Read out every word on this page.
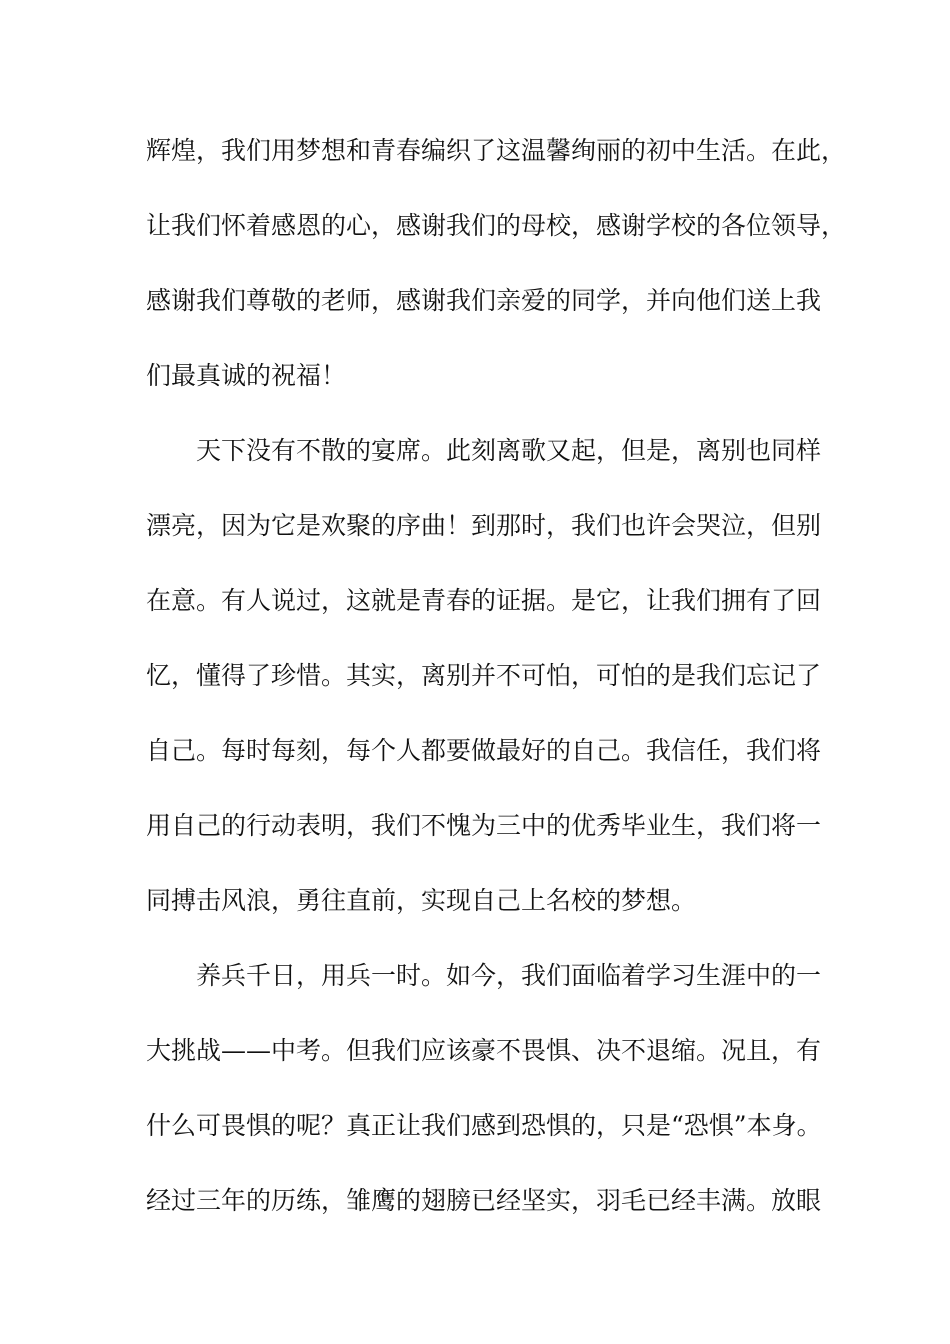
辉煌，我们用梦想和青春编织了这温馨绚丽的初中生活。在此，
让我们怀着感恩的心，感谢我们的母校，感谢学校的各位领导，
感谢我们尊敬的老师，感谢我们亲爱的同学，并向他们送上我
们最真诚的祝福！
　　天下没有不散的宴席。此刻离歌又起，但是，离别也同样
漂亮，因为它是欢聚的序曲！到那时，我们也许会哭泣，但别
在意。有人说过，这就是青春的证据。是它，让我们拥有了回
忆，懂得了珍惜。其实，离别并不可怕，可怕的是我们忘记了
自己。每时每刻，每个人都要做最好的自己。我信任，我们将
用自己的行动表明，我们不愧为三中的优秀毕业生，我们将一
同搏击风浪，勇往直前，实现自己上名校的梦想。
　　养兵千日，用兵一时。如今，我们面临着学习生涯中的一
大挑战——中考。但我们应该豪不畏惧、决不退缩。况且，有
什么可畏惧的呢？真正让我们感到恐惧的，只是“恐惧”本身。
经过三年的历练，雏鹰的翅膀已经坚实，羽毛已经丰满。放眼
